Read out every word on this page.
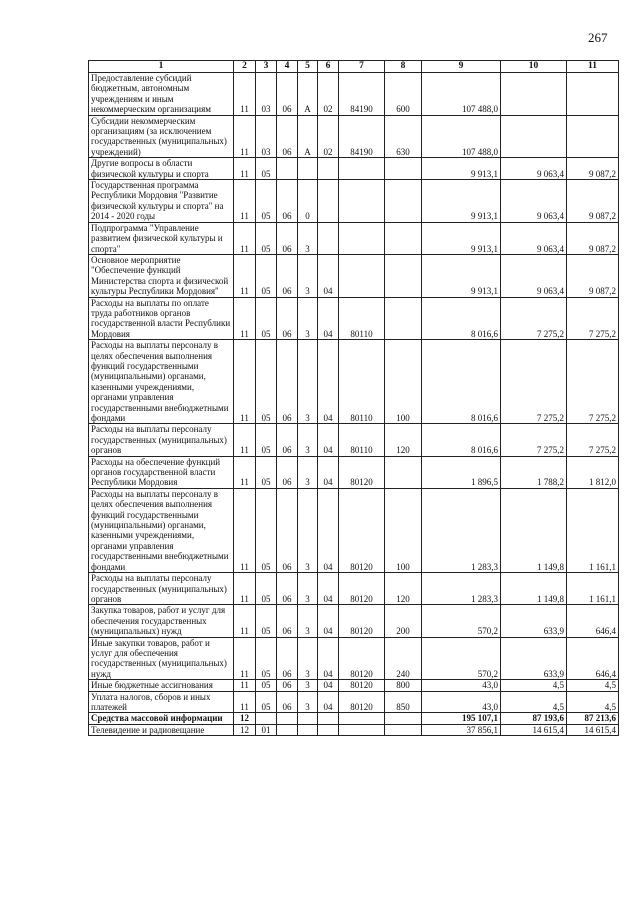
267
1	2	3	4	5	6	7	8	9	10	11
Предоставление субсидий бюджетным, автономным учреждениям и иным некоммерческим организациям	11	03	06	А	02	84190	600	107 488,0		
Субсидии некоммерческим организациям (за исключением государственных (муниципальных) учреждений)	11	03	06	А	02	84190	630	107 488,0		
Другие вопросы в области физической культуры и спорта	11	05						9 913,1	9 063,4	9 087,2
Государственная программа Республики Мордовия "Развитие физической культуры и спорта" на 2014 - 2020 годы	11	05	06	0				9 913,1	9 063,4	9 087,2
Подпрограмма "Управление развитием физической культуры и спорта"	11	05	06	3				9 913,1	9 063,4	9 087,2
Основное мероприятие "Обеспечение функций Министерства спорта и физической культуры Республики Мордовия"	11	05	06	3	04			9 913,1	9 063,4	9 087,2
Расходы на выплаты по оплате труда работников органов государственной власти Республики Мордовия	11	05	06	3	04	80110		8 016,6	7 275,2	7 275,2
Расходы на выплаты персоналу в целях обеспечения выполнения функций государственными (муниципальными) органами, казенными учреждениями, органами управления государственными внебюджетными фондами	11	05	06	3	04	80110	100	8 016,6	7 275,2	7 275,2
Расходы на выплаты персоналу государственных (муниципальных) органов	11	05	06	3	04	80110	120	8 016,6	7 275,2	7 275,2
Расходы на обеспечение функций органов государственной власти Республики Мордовия	11	05	06	3	04	80120		1 896,5	1 788,2	1 812,0
Расходы на выплаты персоналу в целях обеспечения выполнения функций государственными (муниципальными) органами, казенными учреждениями, органами управления государственными внебюджетными фондами	11	05	06	3	04	80120	100	1 283,3	1 149,8	1 161,1
Расходы на выплаты персоналу государственных (муниципальных) органов	11	05	06	3	04	80120	120	1 283,3	1 149,8	1 161,1
Закупка товаров, работ и услуг для обеспечения государственных (муниципальных) нужд	11	05	06	3	04	80120	200	570,2	633,9	646,4
Иные закупки товаров, работ и услуг для обеспечения государственных (муниципальных) нужд	11	05	06	3	04	80120	240	570,2	633,9	646,4
Иные бюджетные ассигнования	11	05	06	3	04	80120	800	43,0	4,5	4,5
Уплата налогов, сборов и иных платежей	11	05	06	3	04	80120	850	43,0	4,5	4,5
Средства массовой информации	12							195 107,1	87 193,6	87 213,6
Телевидение и радиовещание	12	01						37 856,1	14 615,4	14 615,4
